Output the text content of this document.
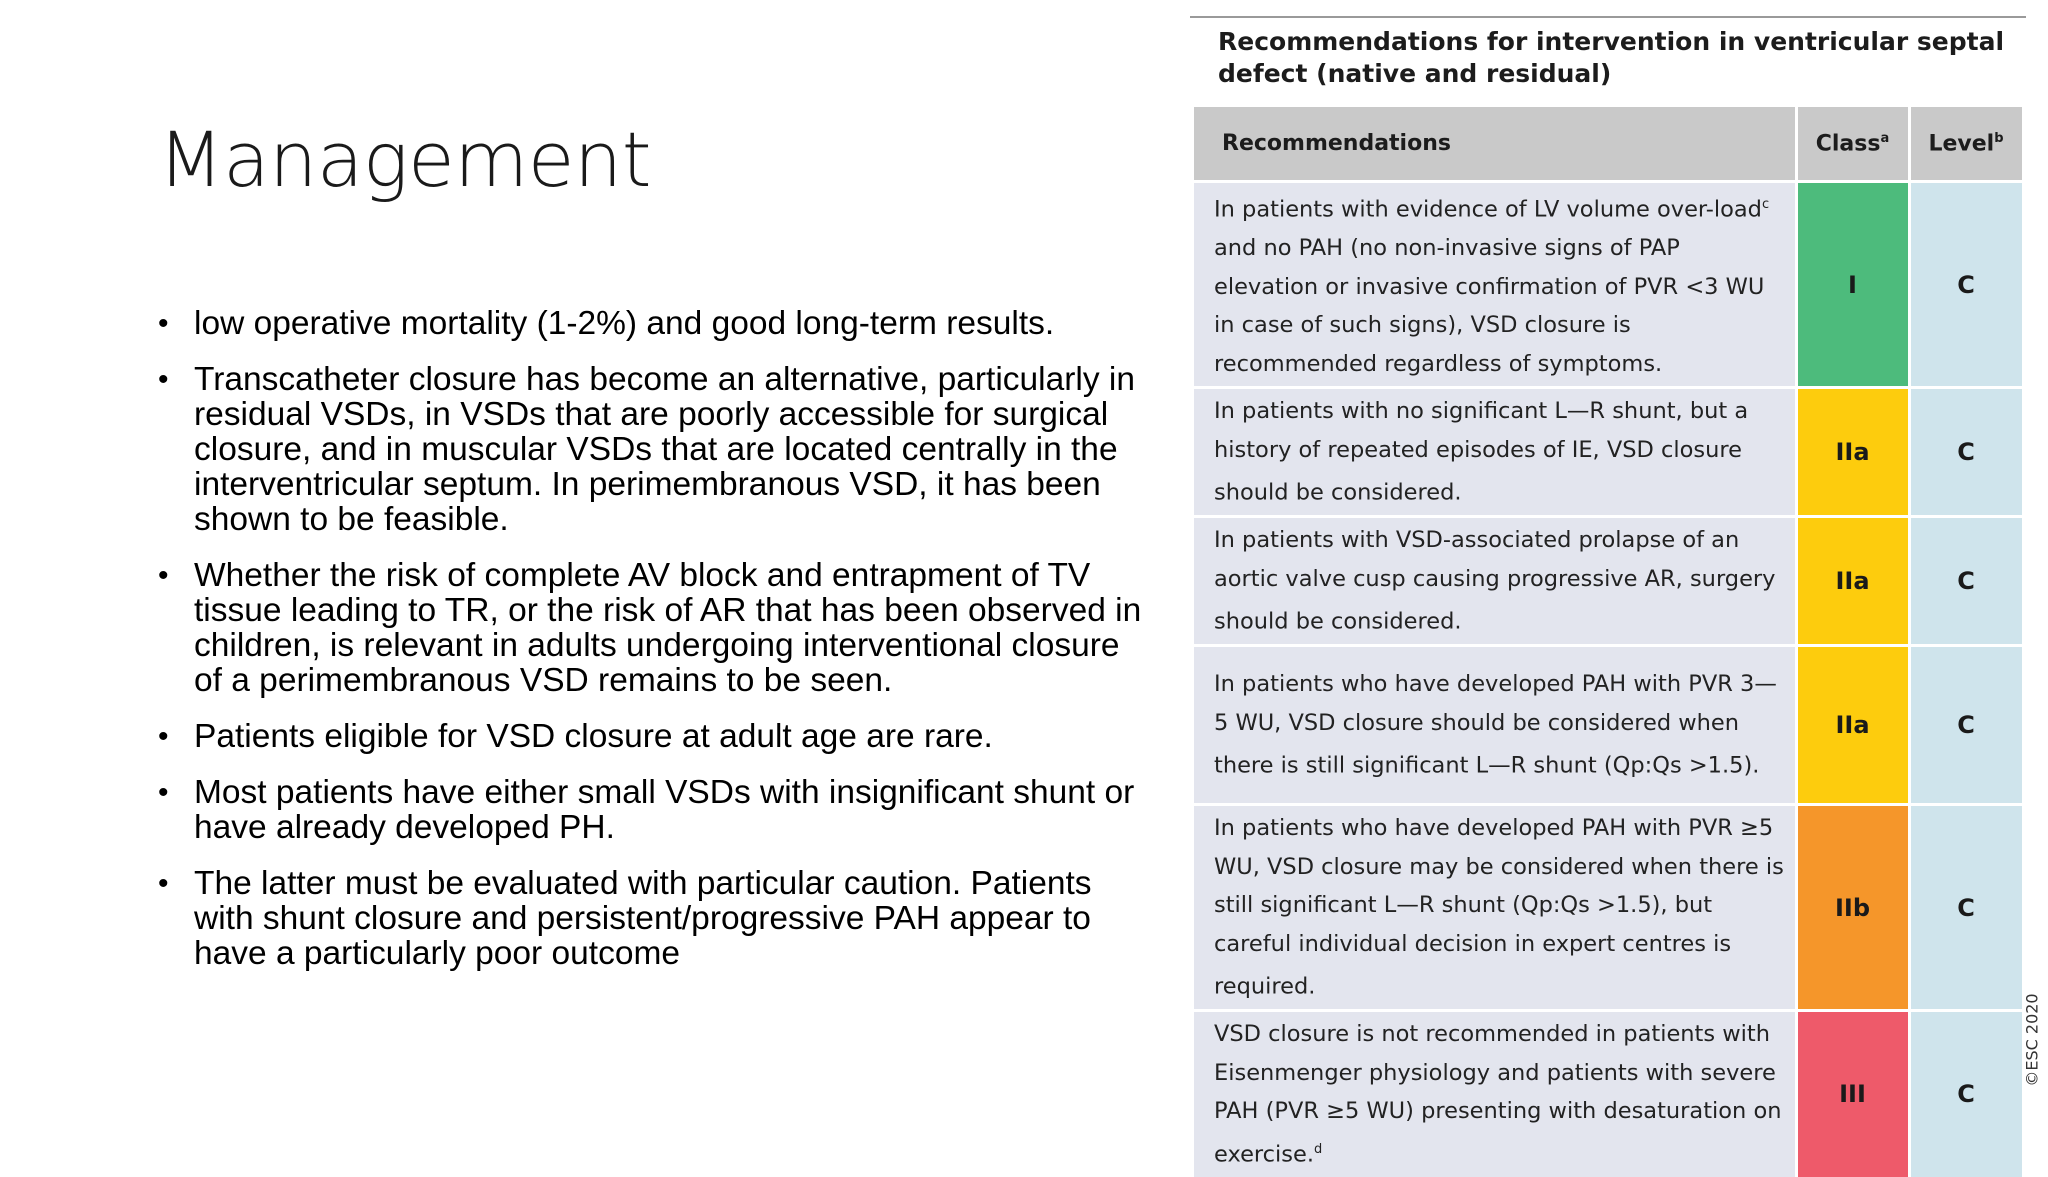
Management
• low operative mortality (1-2%) and good long-term results.
• Transcatheter closure has become an alternative, particularly in residual VSDs, in VSDs that are poorly accessible for surgical closure, and in muscular VSDs that are located centrally in the interventricular septum. In perimembranous VSD, it has been shown to be feasible.
• Whether the risk of complete AV block and entrapment of TV tissue leading to TR, or the risk of AR that has been observed in children, is relevant in adults undergoing interventional closure of a perimembranous VSD remains to be seen.
• Patients eligible for VSD closure at adult age are rare.
• Most patients have either small VSDs with insignificant shunt or have already developed PH.
• The latter must be evaluated with particular caution. Patients with shunt closure and persistent/progressive PAH appear to have a particularly poor outcome
Recommendations for intervention in ventricular septal defect (native and residual)
Recommendations	Class$^a$	Level$^b$
In patients with evidence of LV volume over-load$^c$ and no PAH (no non-invasive signs of PAP elevation or invasive confirmation of PVR <3 WU in case of such signs), VSD closure is recommended regardless of symptoms.	I	C
In patients with no significant L—R shunt, but a history of repeated episodes of IE, VSD closure should be considered.	IIa	C
In patients with VSD-associated prolapse of an aortic valve cusp causing progressive AR, surgery should be considered.	IIa	C
In patients who have developed PAH with PVR 3—5 WU, VSD closure should be considered when there is still significant L—R shunt (Qp:Qs >1.5).	IIa	C
In patients who have developed PAH with PVR ≥5 WU, VSD closure may be considered when there is still significant L—R shunt (Qp:Qs >1.5), but careful individual decision in expert centres is required.	IIb	C
VSD closure is not recommended in patients with Eisenmenger physiology and patients with severe PAH (PVR ≥5 WU) presenting with desaturation on exercise.$^d$	III	C
©ESC 2020
